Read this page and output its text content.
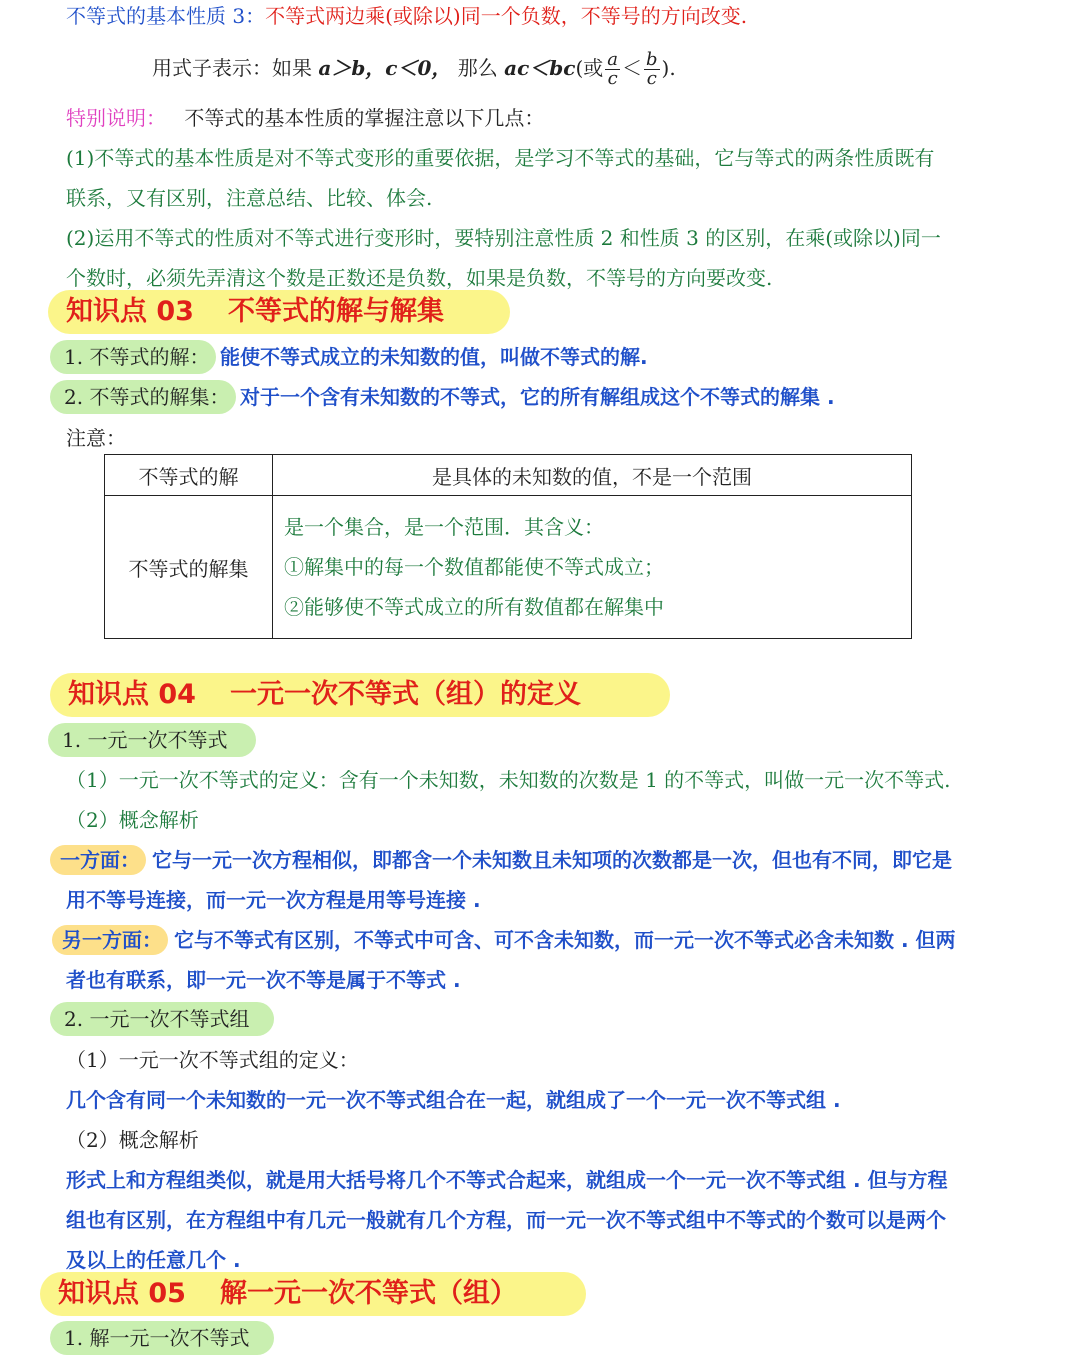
不等式的基本性质 3：不等式两边乘(或除以)同一个负数，不等号的方向改变.
用式子表示：如果 a＞b，c＜0， 那么 ac＜bc(或 $\frac{a}{c} < \frac{b}{c}$ ).
特别说明： 不等式的基本性质的掌握注意以下几点：
(1)不等式的基本性质是对不等式变形的重要依据，是学习不等式的基础，它与等式的两条性质既有
联系，又有区别，注意总结、比较、体会.
(2)运用不等式的性质对不等式进行变形时，要特别注意性质 2 和性质 3 的区别，在乘(或除以)同一
个数时，必须先弄清这个数是正数还是负数，如果是负数，不等号的方向要改变.
知识点 03 不等式的解与解集
1. 不等式的解： 能使不等式成立的未知数的值，叫做不等式的解.
2. 不等式的解集： 对于一个含有未知数的不等式，它的所有解组成这个不等式的解集 .
注意：
不等式的解	是具体的未知数的值，不是一个范围
不等式的解集	是一个集合，是一个范围．其含义：
①解集中的每一个数值都能使不等式成立；
②能够使不等式成立的所有数值都在解集中
知识点 04 一元一次不等式（组）的定义
1. 一元一次不等式
（1）一元一次不等式的定义：含有一个未知数，未知数的次数是 1 的不等式，叫做一元一次不等式.
（2）概念解析
一方面： 它与一元一次方程相似，即都含一个未知数且未知项的次数都是一次，但也有不同，即它是
用不等号连接，而一元一次方程是用等号连接 .
另一方面： 它与不等式有区别，不等式中可含、可不含未知数，而一元一次不等式必含未知数 . 但两
者也有联系，即一元一次不等是属于不等式 .
2. 一元一次不等式组
（1）一元一次不等式组的定义：
几个含有同一个未知数的一元一次不等式组合在一起，就组成了一个一元一次不等式组 .
（2）概念解析
形式上和方程组类似，就是用大括号将几个不等式合起来，就组成一个一元一次不等式组 . 但与方程
组也有区别，在方程组中有几元一般就有几个方程，而一元一次不等式组中不等式的个数可以是两个
及以上的任意几个 .
知识点 05 解一元一次不等式（组）
1. 解一元一次不等式
